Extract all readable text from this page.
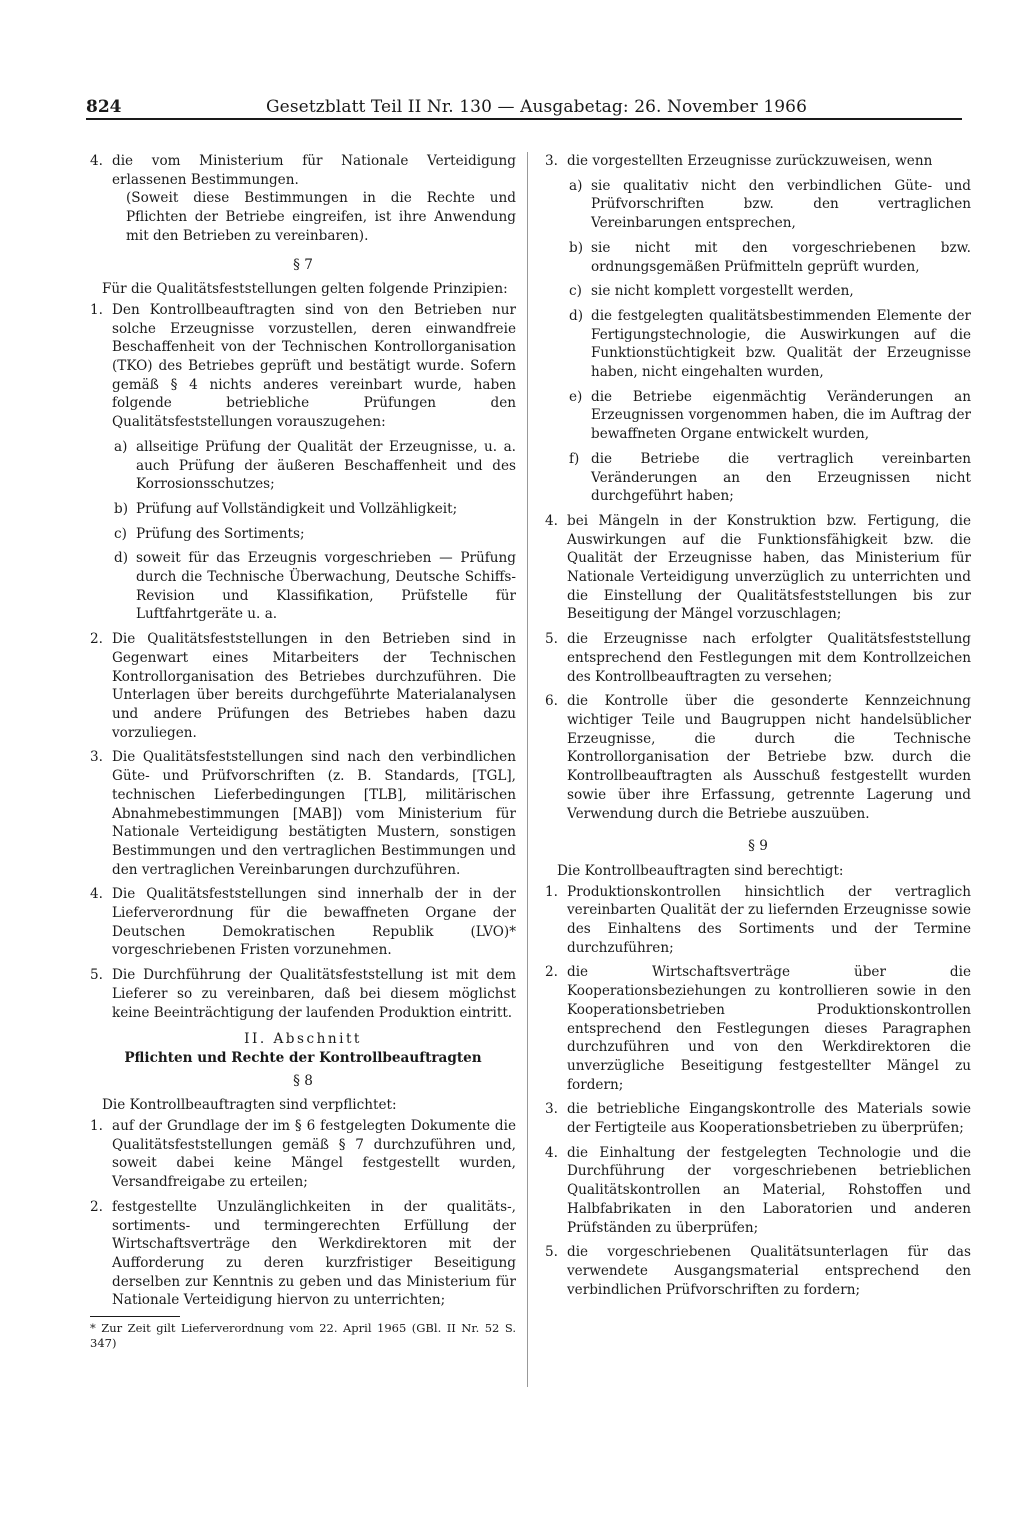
824	Gesetzblatt Teil II Nr. 130 — Ausgabetag: 26. November 1966
4. die vom Ministerium für Nationale Verteidigung erlassenen Bestimmungen.

(Soweit diese Bestimmungen in die Rechte und Pflichten der Betriebe eingreifen, ist ihre Anwendung mit den Betrieben zu vereinbaren).

§ 7

Für die Qualitätsfeststellungen gelten folgende Prinzipien:

1. Den Kontrollbeauftragten sind von den Betrieben nur solche Erzeugnisse vorzustellen, deren einwandfreie Beschaffenheit von der Technischen Kontrollorganisation (TKO) des Betriebes geprüft und bestätigt wurde. Sofern gemäß § 4 nichts anderes vereinbart wurde, haben folgende betriebliche Prüfungen den Qualitätsfeststellungen vorauszugehen:

a) allseitige Prüfung der Qualität der Erzeugnisse, u. a. auch Prüfung der äußeren Beschaffenheit und des Korrosionsschutzes;
b) Prüfung auf Vollständigkeit und Vollzähligkeit;
c) Prüfung des Sortiments;
d) soweit für das Erzeugnis vorgeschrieben — Prüfung durch die Technische Überwachung, Deutsche Schiffs-Revision und Klassifikation, Prüfstelle für Luftfahrtgeräte u. a.
2. Die Qualitätsfeststellungen in den Betrieben sind in Gegenwart eines Mitarbeiters der Technischen Kontrollorganisation des Betriebes durchzuführen. Die Unterlagen über bereits durchgeführte Materialanalysen und andere Prüfungen des Betriebes haben dazu vorzuliegen.
3. Die Qualitätsfeststellungen sind nach den verbindlichen Güte- und Prüfvorschriften (z. B. Standards, [TGL], technischen Lieferbedingungen [TLB], militärischen Abnahmebestimmungen [MAB]) vom Ministerium für Nationale Verteidigung bestätigten Mustern, sonstigen Bestimmungen und den vertraglichen Bestimmungen und den vertraglichen Vereinbarungen durchzuführen.
4. Die Qualitätsfeststellungen sind innerhalb der in der Lieferverordnung für die bewaffneten Organe der Deutschen Demokratischen Republik (LVO)* vorgeschriebenen Fristen vorzunehmen.
5. Die Durchführung der Qualitätsfeststellung ist mit dem Lieferer so zu vereinbaren, daß bei diesem möglichst keine Beeinträchtigung der laufenden Produktion eintritt.
II. Abschnitt
Pflichten und Rechte der Kontrollbeauftragten
§ 8

Die Kontrollbeauftragten sind verpflichtet:

1. auf der Grundlage der im § 6 festgelegten Dokumente die Qualitätsfeststellungen gemäß § 7 durchzuführen und, soweit dabei keine Mängel festgestellt wurden, Versandfreigabe zu erteilen;
2. festgestellte Unzulänglichkeiten in der qualitäts-, sortiments- und termingerechten Erfüllung der Wirtschaftsverträge den Werkdirektoren mit der Aufforderung zu deren kurzfristiger Beseitigung derselben zur Kenntnis zu geben und das Ministerium für Nationale Verteidigung hiervon zu unterrichten;

* Zur Zeit gilt Lieferverordnung vom 22. April 1965 (GBl. II Nr. 52 S. 347)

3. die vorgestellten Erzeugnisse zurückzuweisen, wenn
a) sie qualitativ nicht den verbindlichen Güte- und Prüfvorschriften bzw. den vertraglichen Vereinbarungen entsprechen,
b) sie nicht mit den vorgeschriebenen bzw. ordnungsgemäßen Prüfmitteln geprüft wurden,
c) sie nicht komplett vorgestellt werden,
d) die festgelegten qualitätsbestimmenden Elemente der Fertigungstechnologie, die Auswirkungen auf die Funktionstüchtigkeit bzw. Qualität der Erzeugnisse haben, nicht eingehalten wurden,
e) die Betriebe eigenmächtig Veränderungen an Erzeugnissen vorgenommen haben, die im Auftrag der bewaffneten Organe entwickelt wurden,
f) die Betriebe die vertraglich vereinbarten Veränderungen an den Erzeugnissen nicht durchgeführt haben;
4. bei Mängeln in der Konstruktion bzw. Fertigung, die Auswirkungen auf die Funktionsfähigkeit bzw. die Qualität der Erzeugnisse haben, das Ministerium für Nationale Verteidigung unverzüglich zu unterrichten und die Einstellung der Qualitätsfeststellungen bis zur Beseitigung der Mängel vorzuschlagen;
5. die Erzeugnisse nach erfolgter Qualitätsfeststellung entsprechend den Festlegungen mit dem Kontrollzeichen des Kontrollbeauftragten zu versehen;
6. die Kontrolle über die gesonderte Kennzeichnung wichtiger Teile und Baugruppen nicht handelsüblicher Erzeugnisse, die durch die Technische Kontrollorganisation der Betriebe bzw. durch die Kontrollbeauftragten als Ausschuß festgestellt wurden sowie über ihre Erfassung, getrennte Lagerung und Verwendung durch die Betriebe auszuüben.
§ 9

Die Kontrollbeauftragten sind berechtigt:

1. Produktionskontrollen hinsichtlich der vertraglich vereinbarten Qualität der zu liefernden Erzeugnisse sowie des Einhaltens des Sortiments und der Termine durchzuführen;
2. die Wirtschaftsverträge über die Kooperationsbeziehungen zu kontrollieren sowie in den Kooperationsbetrieben Produktionskontrollen entsprechend den Festlegungen dieses Paragraphen durchzuführen und von den Werkdirektoren die unverzügliche Beseitigung festgestellter Mängel zu fordern;
3. die betriebliche Eingangskontrolle des Materials sowie der Fertigteile aus Kooperationsbetrieben zu überprüfen;
4. die Einhaltung der festgelegten Technologie und die Durchführung der vorgeschriebenen betrieblichen Qualitätskontrollen an Material, Rohstoffen und Halbfabrikaten in den Laboratorien und anderen Prüfständen zu überprüfen;
5. die vorgeschriebenen Qualitätsunterlagen für das verwendete Ausgangsmaterial entsprechend den verbindlichen Prüfvorschriften zu fordern;
